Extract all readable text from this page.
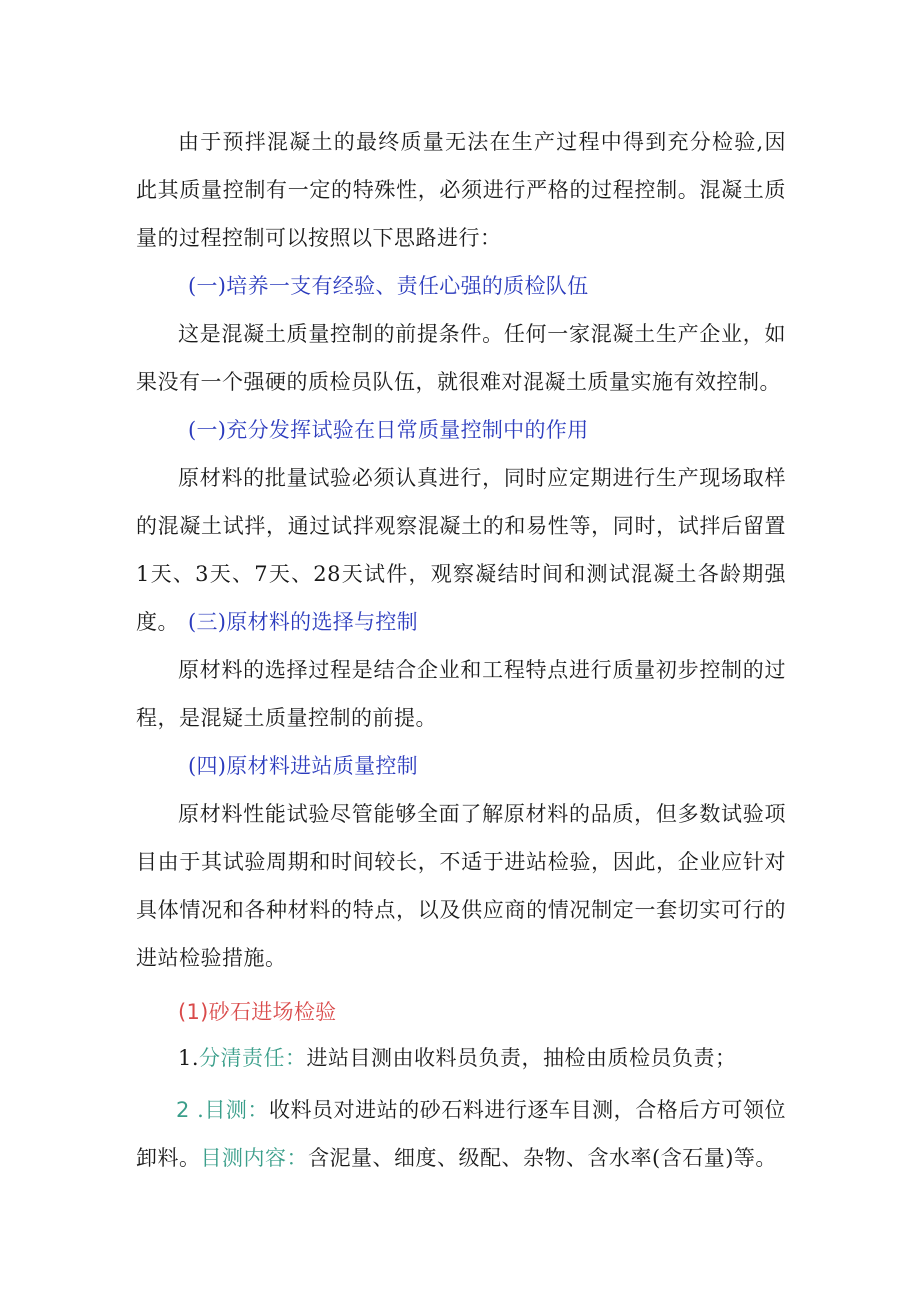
由于预拌混凝土的最终质量无法在生产过程中得到充分检验,因此其质量控制有一定的特殊性，必须进行严格的过程控制。混凝土质量的过程控制可以按照以下思路进行：

(一)培养一支有经验、责任心强的质检队伍

这是混凝土质量控制的前提条件。任何一家混凝土生产企业，如果没有一个强硬的质检员队伍，就很难对混凝土质量实施有效控制。

(一)充分发挥试验在日常质量控制中的作用

原材料的批量试验必须认真进行，同时应定期进行生产现场取样的混凝土试拌，通过试拌观察混凝土的和易性等，同时，试拌后留置1天、3天、7天、28天试件，观察凝结时间和测试混凝土各龄期强度。 (三)原材料的选择与控制

原材料的选择过程是结合企业和工程特点进行质量初步控制的过程，是混疑土质量控制的前提。

(四)原材料进站质量控制

原材料性能试验尽管能够全面了解原材料的品质，但多数试验项目由于其试验周期和时间较长，不适于进站检验，因此，企业应针对具体情况和各种材料的特点，以及供应商的情况制定一套切实可行的进站检验措施。

(1)砂石进场检验

1.分清责任：进站目测由收料员负责，抽检由质检员负责；

2 .目测：收料员对进站的砂石料进行逐车目测，合格后方可领位卸料。目测内容：含泥量、细度、级配、杂物、含水率(含石量)等。
